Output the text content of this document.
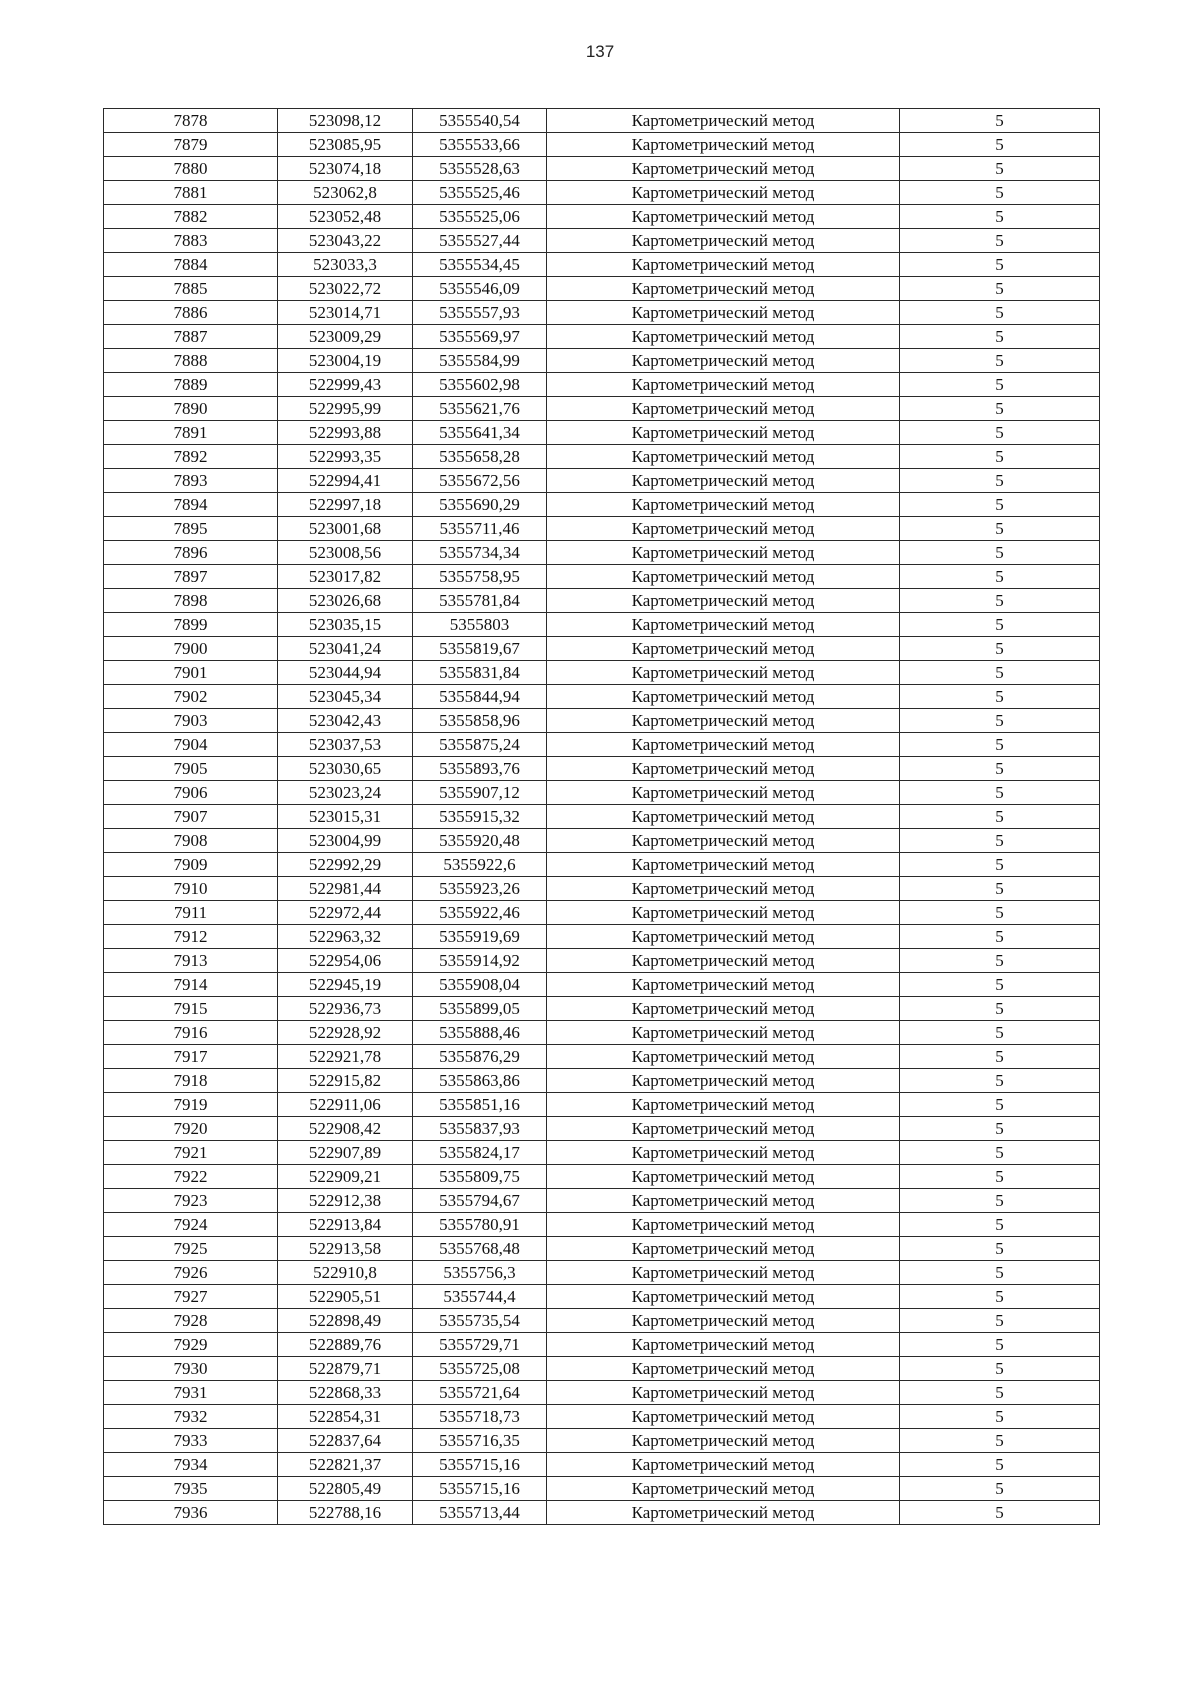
137
7878	523098,12	5355540,54	Картометрический метод	5
7879	523085,95	5355533,66	Картометрический метод	5
7880	523074,18	5355528,63	Картометрический метод	5
7881	523062,8	5355525,46	Картометрический метод	5
7882	523052,48	5355525,06	Картометрический метод	5
7883	523043,22	5355527,44	Картометрический метод	5
7884	523033,3	5355534,45	Картометрический метод	5
7885	523022,72	5355546,09	Картометрический метод	5
7886	523014,71	5355557,93	Картометрический метод	5
7887	523009,29	5355569,97	Картометрический метод	5
7888	523004,19	5355584,99	Картометрический метод	5
7889	522999,43	5355602,98	Картометрический метод	5
7890	522995,99	5355621,76	Картометрический метод	5
7891	522993,88	5355641,34	Картометрический метод	5
7892	522993,35	5355658,28	Картометрический метод	5
7893	522994,41	5355672,56	Картометрический метод	5
7894	522997,18	5355690,29	Картометрический метод	5
7895	523001,68	5355711,46	Картометрический метод	5
7896	523008,56	5355734,34	Картометрический метод	5
7897	523017,82	5355758,95	Картометрический метод	5
7898	523026,68	5355781,84	Картометрический метод	5
7899	523035,15	5355803	Картометрический метод	5
7900	523041,24	5355819,67	Картометрический метод	5
7901	523044,94	5355831,84	Картометрический метод	5
7902	523045,34	5355844,94	Картометрический метод	5
7903	523042,43	5355858,96	Картометрический метод	5
7904	523037,53	5355875,24	Картометрический метод	5
7905	523030,65	5355893,76	Картометрический метод	5
7906	523023,24	5355907,12	Картометрический метод	5
7907	523015,31	5355915,32	Картометрический метод	5
7908	523004,99	5355920,48	Картометрический метод	5
7909	522992,29	5355922,6	Картометрический метод	5
7910	522981,44	5355923,26	Картометрический метод	5
7911	522972,44	5355922,46	Картометрический метод	5
7912	522963,32	5355919,69	Картометрический метод	5
7913	522954,06	5355914,92	Картометрический метод	5
7914	522945,19	5355908,04	Картометрический метод	5
7915	522936,73	5355899,05	Картометрический метод	5
7916	522928,92	5355888,46	Картометрический метод	5
7917	522921,78	5355876,29	Картометрический метод	5
7918	522915,82	5355863,86	Картометрический метод	5
7919	522911,06	5355851,16	Картометрический метод	5
7920	522908,42	5355837,93	Картометрический метод	5
7921	522907,89	5355824,17	Картометрический метод	5
7922	522909,21	5355809,75	Картометрический метод	5
7923	522912,38	5355794,67	Картометрический метод	5
7924	522913,84	5355780,91	Картометрический метод	5
7925	522913,58	5355768,48	Картометрический метод	5
7926	522910,8	5355756,3	Картометрический метод	5
7927	522905,51	5355744,4	Картометрический метод	5
7928	522898,49	5355735,54	Картометрический метод	5
7929	522889,76	5355729,71	Картометрический метод	5
7930	522879,71	5355725,08	Картометрический метод	5
7931	522868,33	5355721,64	Картометрический метод	5
7932	522854,31	5355718,73	Картометрический метод	5
7933	522837,64	5355716,35	Картометрический метод	5
7934	522821,37	5355715,16	Картометрический метод	5
7935	522805,49	5355715,16	Картометрический метод	5
7936	522788,16	5355713,44	Картометрический метод	5
